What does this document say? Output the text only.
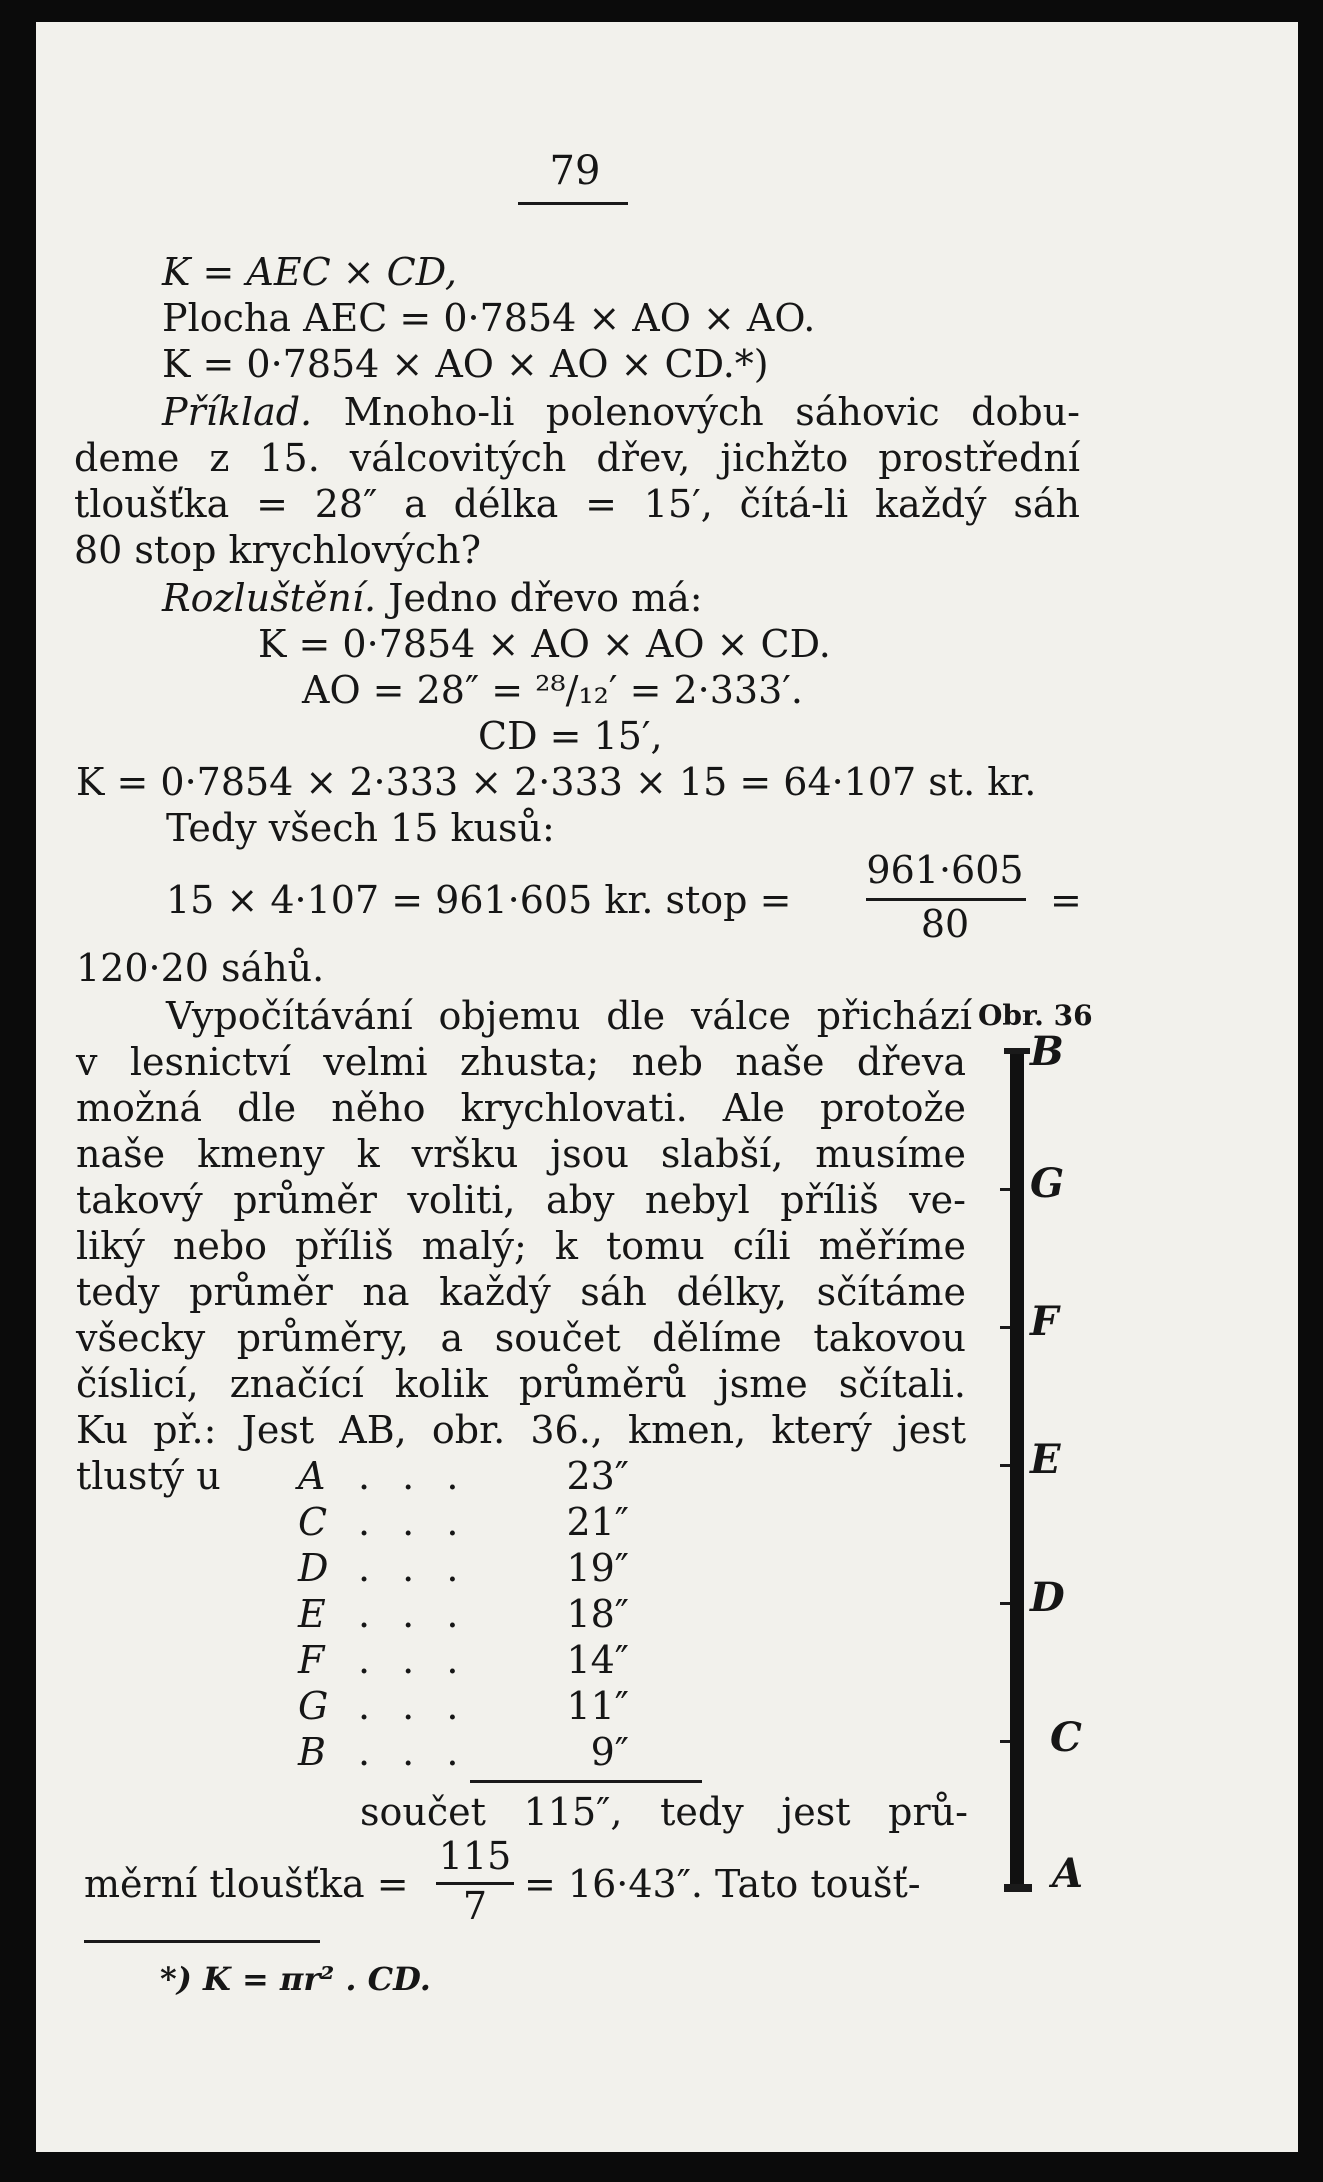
79
K = AEC × CD,
Plocha AEC = 0·7854 × AO × AO.
K = 0·7854 × AO × AO × CD.*)
Příklad. Mnoho-li polenových sáhovic dobu-
deme z 15. válcovitých dřev, jichžto prostřední
tloušťka = 28″ a délka = 15′, čítá-li každý sáh
80 stop krychlových?
Rozluštění. Jedno dřevo má:
K = 0·7854 × AO × AO × CD.
AO = 28″ = ²⁸/₁₂′ = 2·333′.
CD = 15′,
K = 0·7854 × 2·333 × 2·333 × 15 = 64·107 st. kr.
Tedy všech 15 kusů:
15 × 4·107 = 961·605 kr. stop =
961·605
80
=
120·20 sáhů.
Vypočítávání objemu dle válce přichází Obr. 36
v lesnictví velmi zhusta; neb naše dřeva
možná dle něho krychlovati. Ale protože
naše kmeny k vršku jsou slabší, musíme
takový průměr voliti, aby nebyl příliš ve-
liký nebo příliš malý; k tomu cíli měříme
tedy průměr na každý sáh délky, sčítáme
všecky průměry, a součet dělíme takovou
číslicí, značící kolik průměrů jsme sčítali.
Ku př.: Jest AB, obr. 36., kmen, který jest
tlustý u A . . .	23″
C . . .	21″
D . . .	19″
E . . .	18″
F . . .	14″
G . . .	11″
B . . .	9″
součet 115″, tedy jest prů-
měrní tloušťka =
115
7 = 16·43″. Tato toušť-
*) K = πr² . CD.
B
G
F
E
D
C
A
